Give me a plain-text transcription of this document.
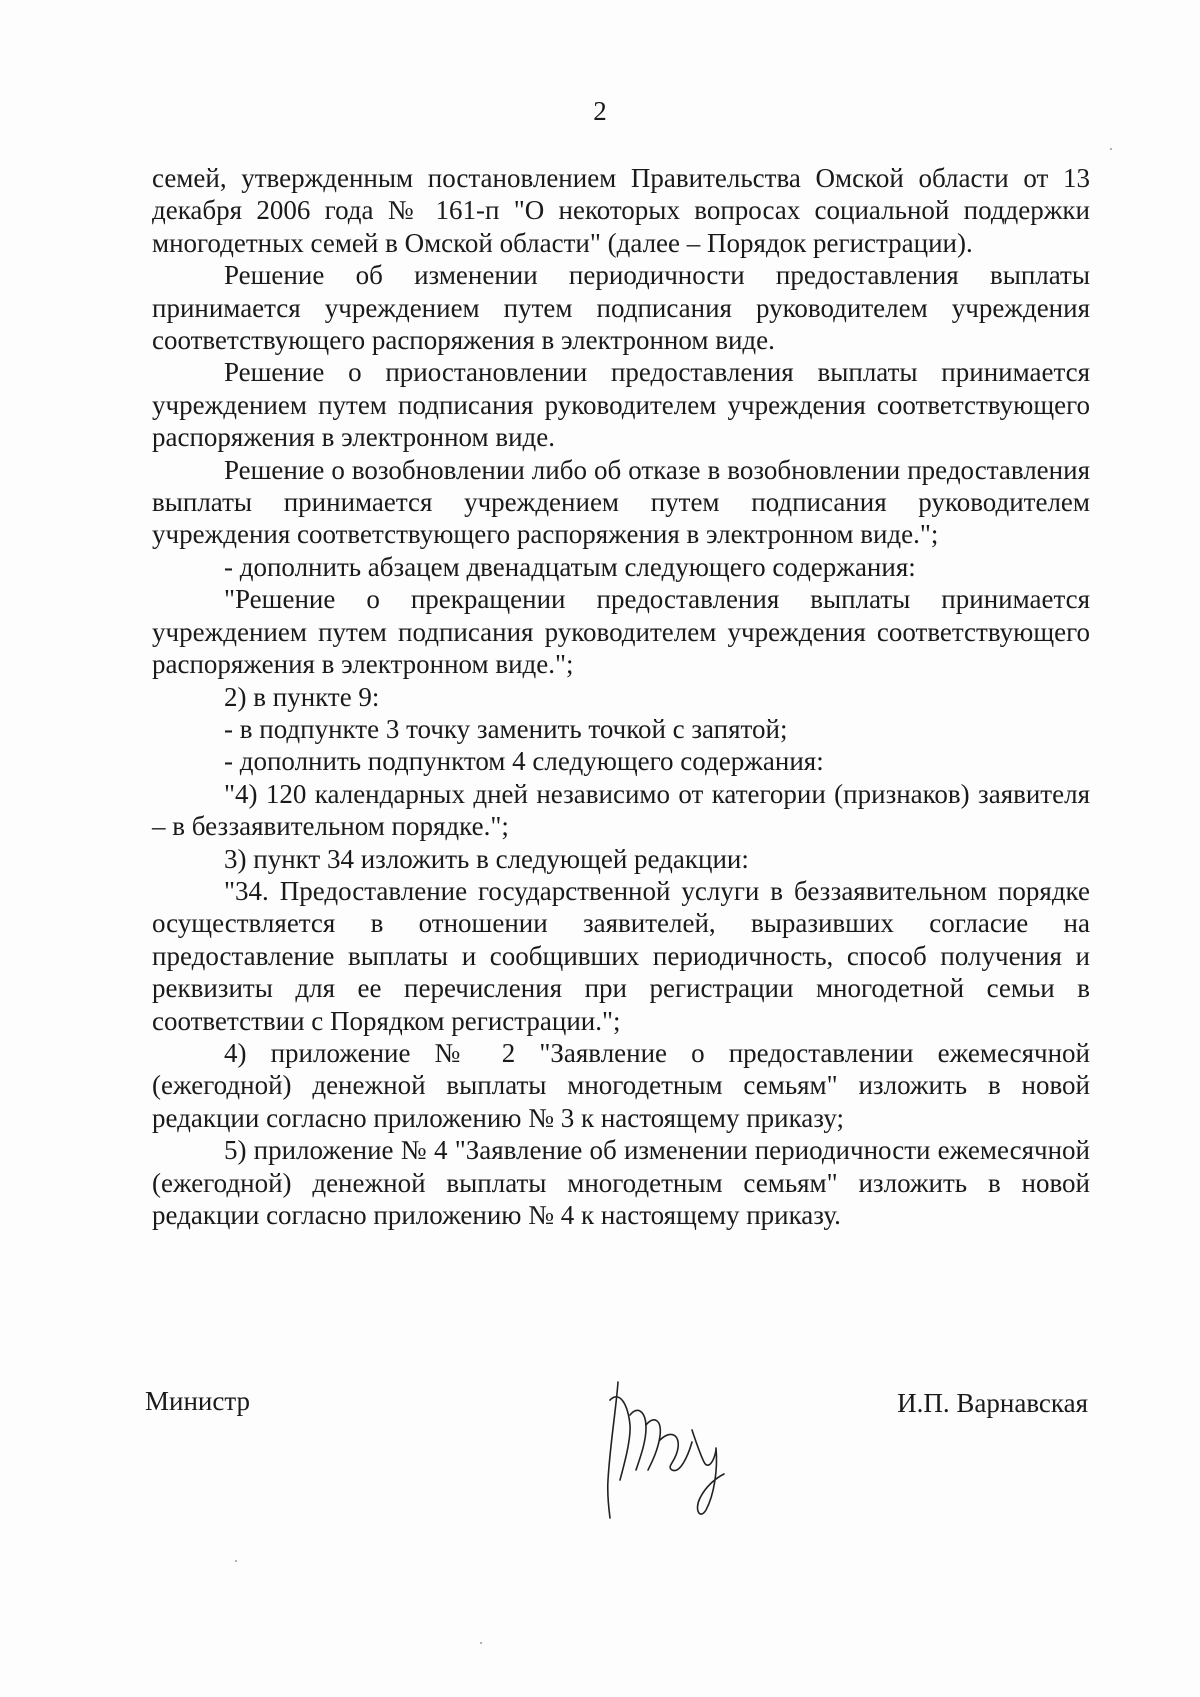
2

семей, утвержденным постановлением Правительства Омской области от 13 декабря 2006 года № 161-п "О некоторых вопросах социальной поддержки многодетных семей в Омской области" (далее – Порядок регистрации).

Решение об изменении периодичности предоставления выплаты принимается учреждением путем подписания руководителем учреждения соответствующего распоряжения в электронном виде.

Решение о приостановлении предоставления выплаты принимается учреждением путем подписания руководителем учреждения соответствующего распоряжения в электронном виде.

Решение о возобновлении либо об отказе в возобновлении предоставления выплаты принимается учреждением путем подписания руководителем учреждения соответствующего распоряжения в электронном виде.";

- дополнить абзацем двенадцатым следующего содержания:

"Решение о прекращении предоставления выплаты принимается учреждением путем подписания руководителем учреждения соответствующего распоряжения в электронном виде.";

2) в пункте 9:

- в подпункте 3 точку заменить точкой с запятой;

- дополнить подпунктом 4 следующего содержания:

"4) 120 календарных дней независимо от категории (признаков) заявителя – в беззаявительном порядке.";

3) пункт 34 изложить в следующей редакции:

"34. Предоставление государственной услуги в беззаявительном порядке осуществляется в отношении заявителей, выразивших согласие на предоставление выплаты и сообщивших периодичность, способ получения и реквизиты для ее перечисления при регистрации многодетной семьи в соответствии с Порядком регистрации.";

4) приложение № 2 "Заявление о предоставлении ежемесячной (ежегодной) денежной выплаты многодетным семьям" изложить в новой редакции согласно приложению № 3 к настоящему приказу;

5) приложение № 4 "Заявление об изменении периодичности ежемесячной (ежегодной) денежной выплаты многодетным семьям" изложить в новой редакции согласно приложению № 4 к настоящему приказу.

Министр	И.П. Варнавская
